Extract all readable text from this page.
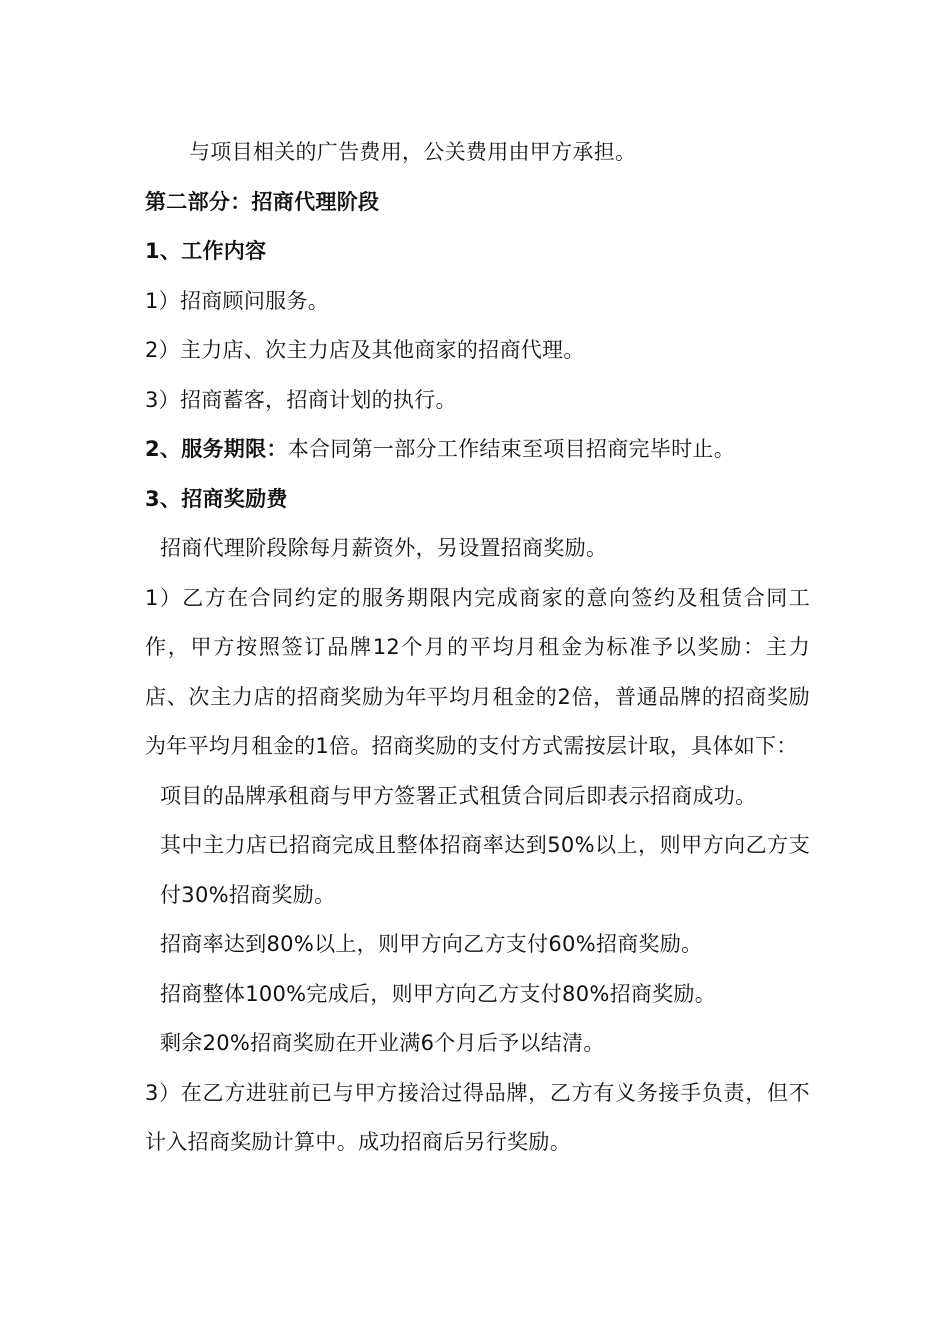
与项目相关的广告费用，公关费用由甲方承担。

第二部分：招商代理阶段

1、工作内容

1）招商顾问服务。

2）主力店、次主力店及其他商家的招商代理。

3）招商蓄客，招商计划的执行。

2、服务期限：本合同第一部分工作结束至项目招商完毕时止。

3、招商奖励费

招商代理阶段除每月薪资外，另设置招商奖励。

1）乙方在合同约定的服务期限内完成商家的意向签约及租赁合同工作，甲方按照签订品牌12个月的平均月租金为标准予以奖励：主力店、次主力店的招商奖励为年平均月租金的2倍，普通品牌的招商奖励为年平均月租金的1倍。招商奖励的支付方式需按层计取，具体如下：

项目的品牌承租商与甲方签署正式租赁合同后即表示招商成功。

其中主力店已招商完成且整体招商率达到50%以上，则甲方向乙方支付30%招商奖励。

招商率达到80%以上，则甲方向乙方支付60%招商奖励。

招商整体100%完成后，则甲方向乙方支付80%招商奖励。

剩余20%招商奖励在开业满6个月后予以结清。

3）在乙方进驻前已与甲方接洽过得品牌，乙方有义务接手负责，但不计入招商奖励计算中。成功招商后另行奖励。
